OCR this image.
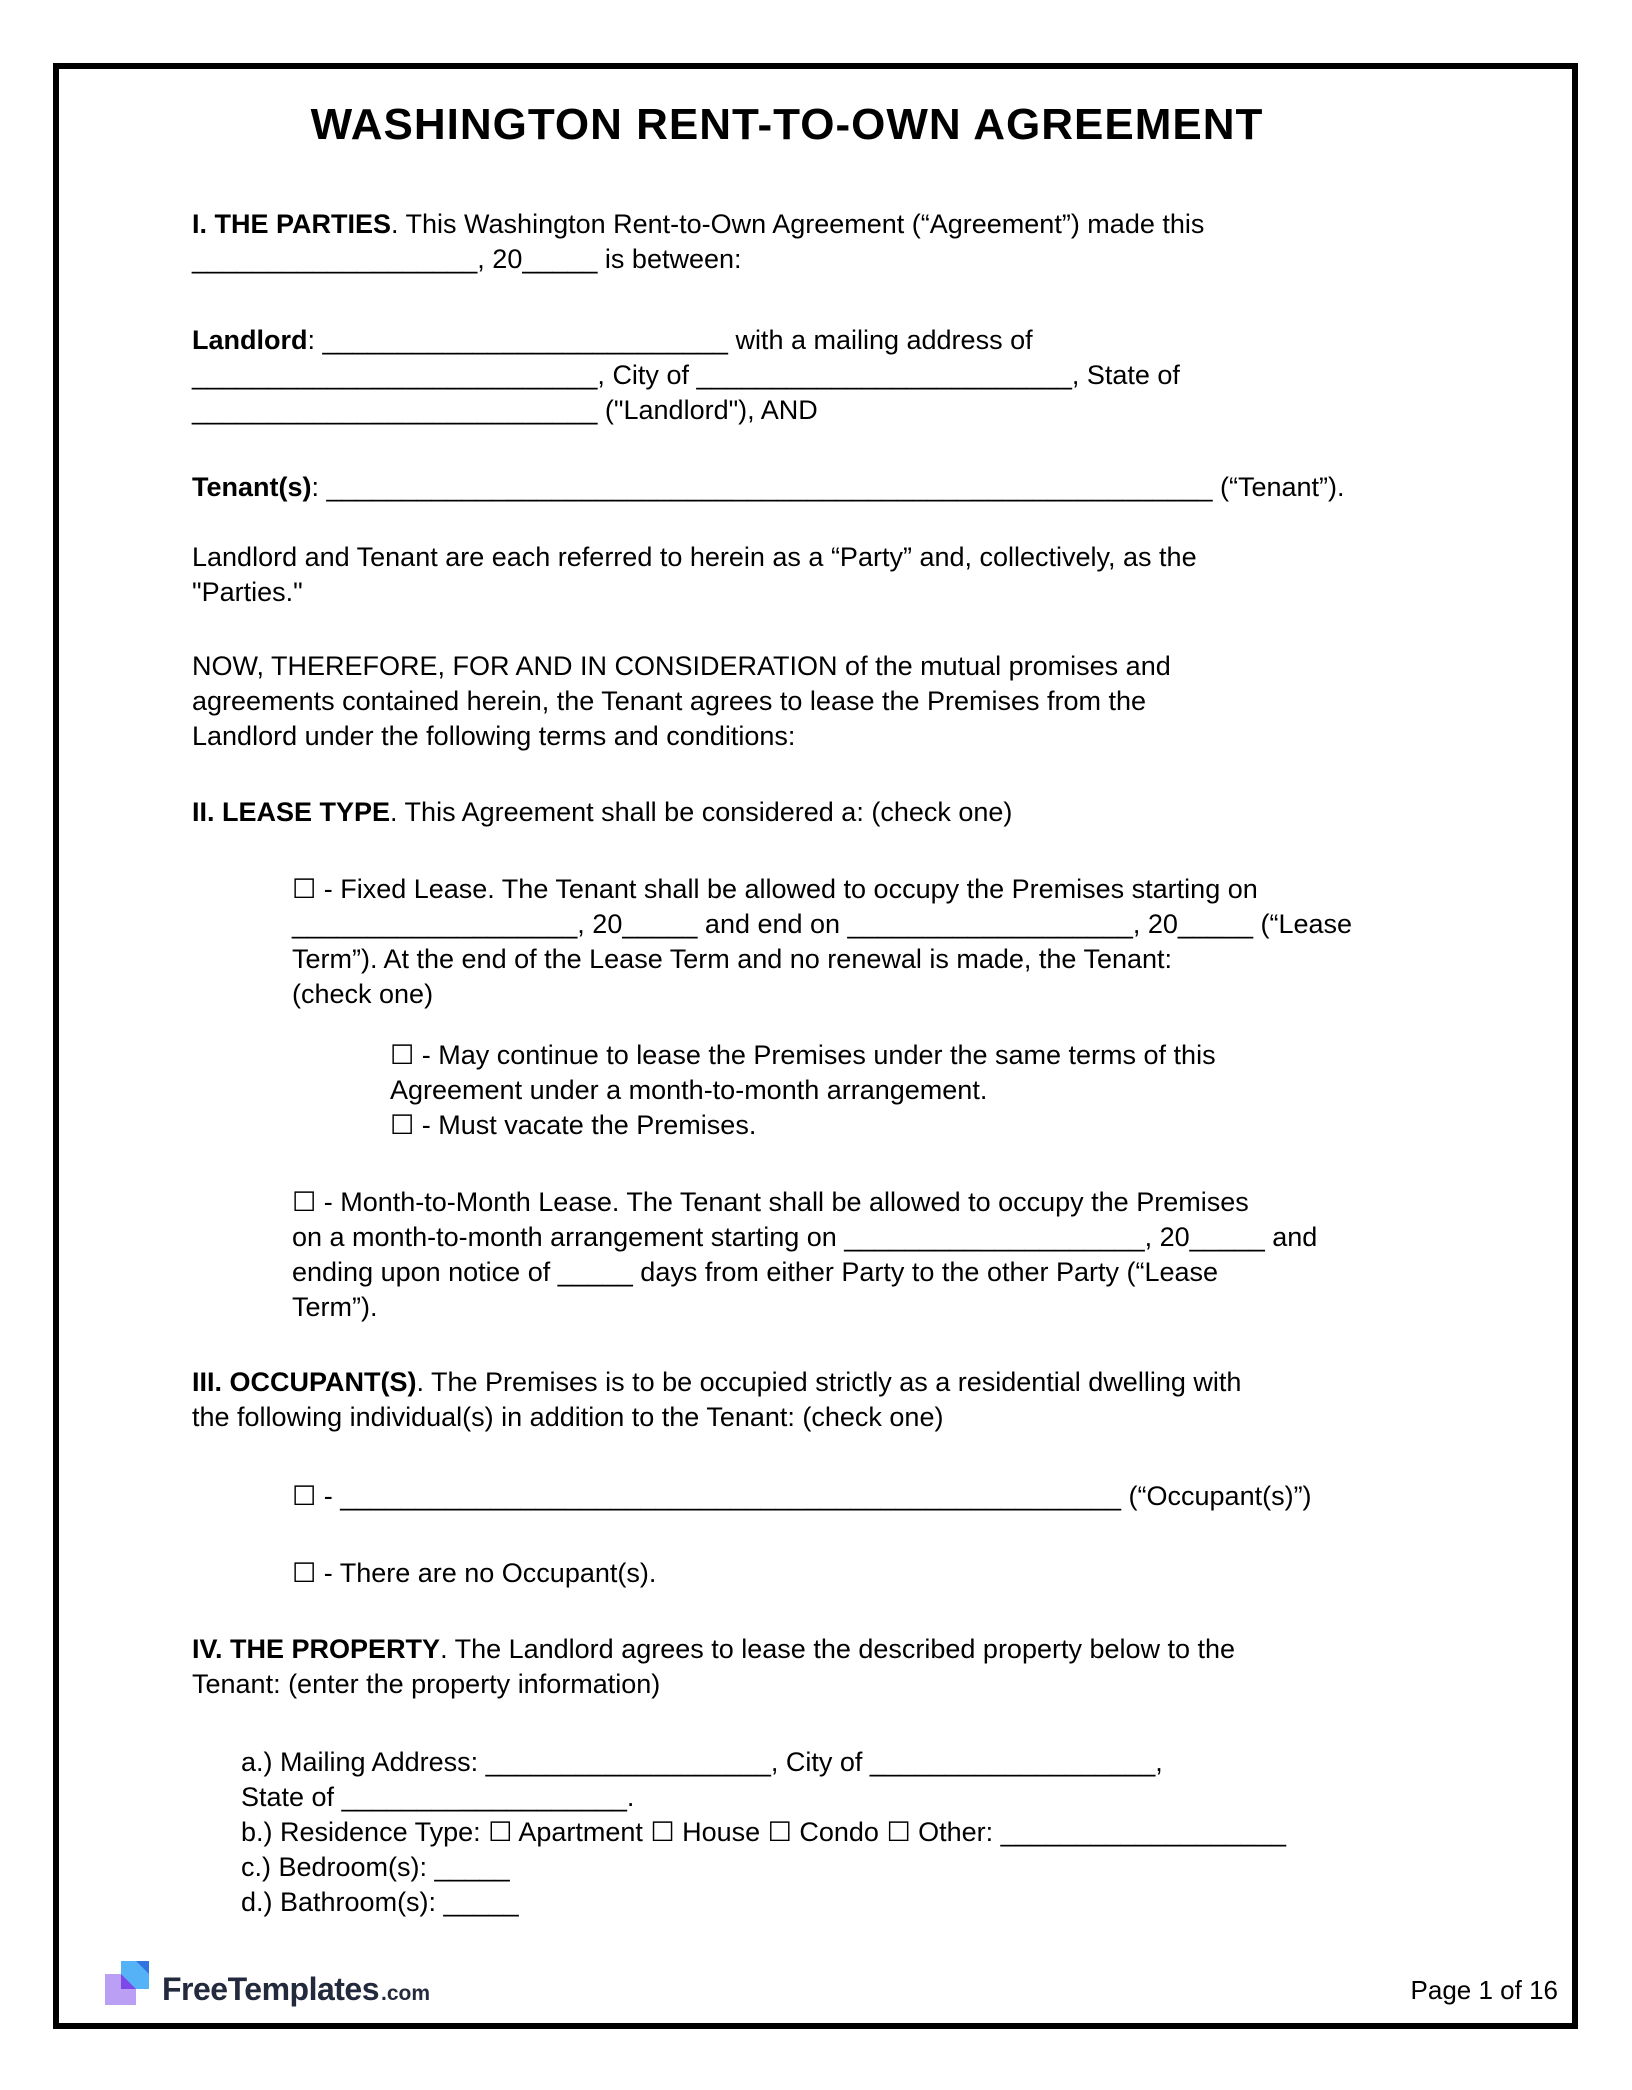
WASHINGTON RENT-TO-OWN AGREEMENT
I. THE PARTIES. This Washington Rent-to-Own Agreement (“Agreement”) made this
___________________, 20_____ is between:
Landlord: ___________________________ with a mailing address of
___________________________, City of _________________________, State of
___________________________ ("Landlord"), AND
Tenant(s): ___________________________________________________________ (“Tenant”).
Landlord and Tenant are each referred to herein as a “Party” and, collectively, as the
"Parties."
NOW, THEREFORE, FOR AND IN CONSIDERATION of the mutual promises and
agreements contained herein, the Tenant agrees to lease the Premises from the
Landlord under the following terms and conditions:
II. LEASE TYPE. This Agreement shall be considered a: (check one)
☐ - Fixed Lease. The Tenant shall be allowed to occupy the Premises starting on
___________________, 20_____ and end on ___________________, 20_____ (“Lease
Term”). At the end of the Lease Term and no renewal is made, the Tenant:
(check one)
☐ - May continue to lease the Premises under the same terms of this
Agreement under a month-to-month arrangement.
☐ - Must vacate the Premises.
☐ - Month-to-Month Lease. The Tenant shall be allowed to occupy the Premises
on a month-to-month arrangement starting on ____________________, 20_____ and
ending upon notice of _____ days from either Party to the other Party (“Lease
Term”).
III. OCCUPANT(S). The Premises is to be occupied strictly as a residential dwelling with
the following individual(s) in addition to the Tenant: (check one)
☐ - ____________________________________________________ (“Occupant(s)”)
☐ - There are no Occupant(s).
IV. THE PROPERTY. The Landlord agrees to lease the described property below to the
Tenant: (enter the property information)
a.) Mailing Address: ___________________, City of ___________________,
State of ___________________.
b.) Residence Type: ☐ Apartment ☐ House ☐ Condo ☐ Other: ___________________
c.) Bedroom(s): _____
d.) Bathroom(s): _____
FreeTemplates .com	Page 1 of 16
